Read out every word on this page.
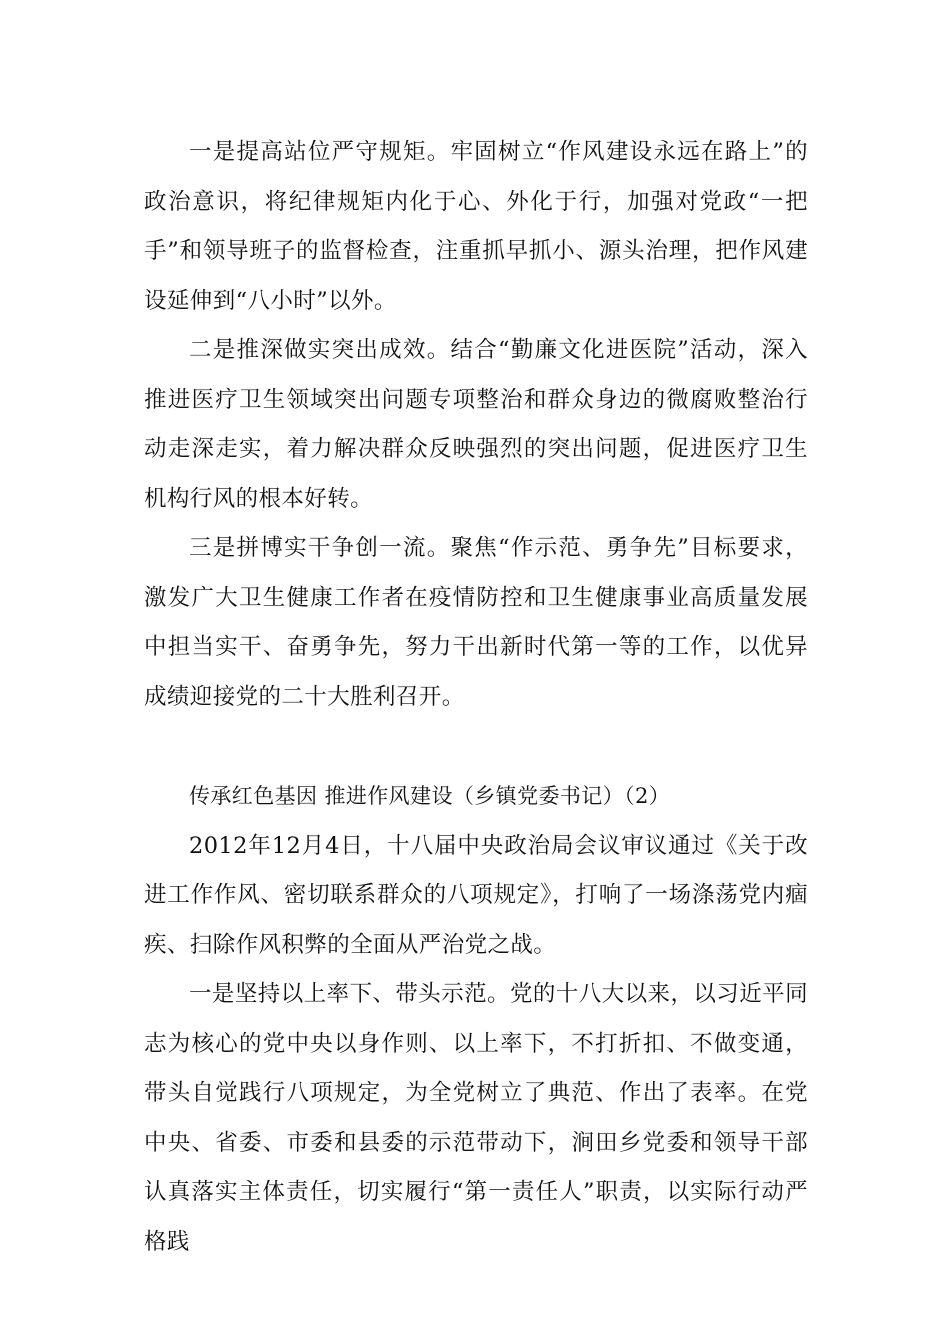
一是提高站位严守规矩。牢固树立“作风建设永远在路上”的政治意识，将纪律规矩内化于心、外化于行，加强对党政“一把手”和领导班子的监督检查，注重抓早抓小、源头治理，把作风建设延伸到“八小时”以外。

二是推深做实突出成效。结合“勤廉文化进医院”活动，深入推进医疗卫生领域突出问题专项整治和群众身边的微腐败整治行动走深走实，着力解决群众反映强烈的突出问题，促进医疗卫生机构行风的根本好转。

三是拼博实干争创一流。聚焦“作示范、勇争先”目标要求，激发广大卫生健康工作者在疫情防控和卫生健康事业高质量发展中担当实干、奋勇争先，努力干出新时代第一等的工作，以优异成绩迎接党的二十大胜利召开。

传承红色基因 推进作风建设（乡镇党委书记）（2）

2012年12月4日，十八届中央政治局会议审议通过《关于改进工作作风、密切联系群众的八项规定》，打响了一场涤荡党内痼疾、扫除作风积弊的全面从严治党之战。

一是坚持以上率下、带头示范。党的十八大以来，以习近平同志为核心的党中央以身作则、以上率下，不打折扣、不做变通，带头自觉践行八项规定，为全党树立了典范、作出了表率。在党中央、省委、市委和县委的示范带动下，涧田乡党委和领导干部认真落实主体责任，切实履行“第一责任人”职责，以实际行动严格践
